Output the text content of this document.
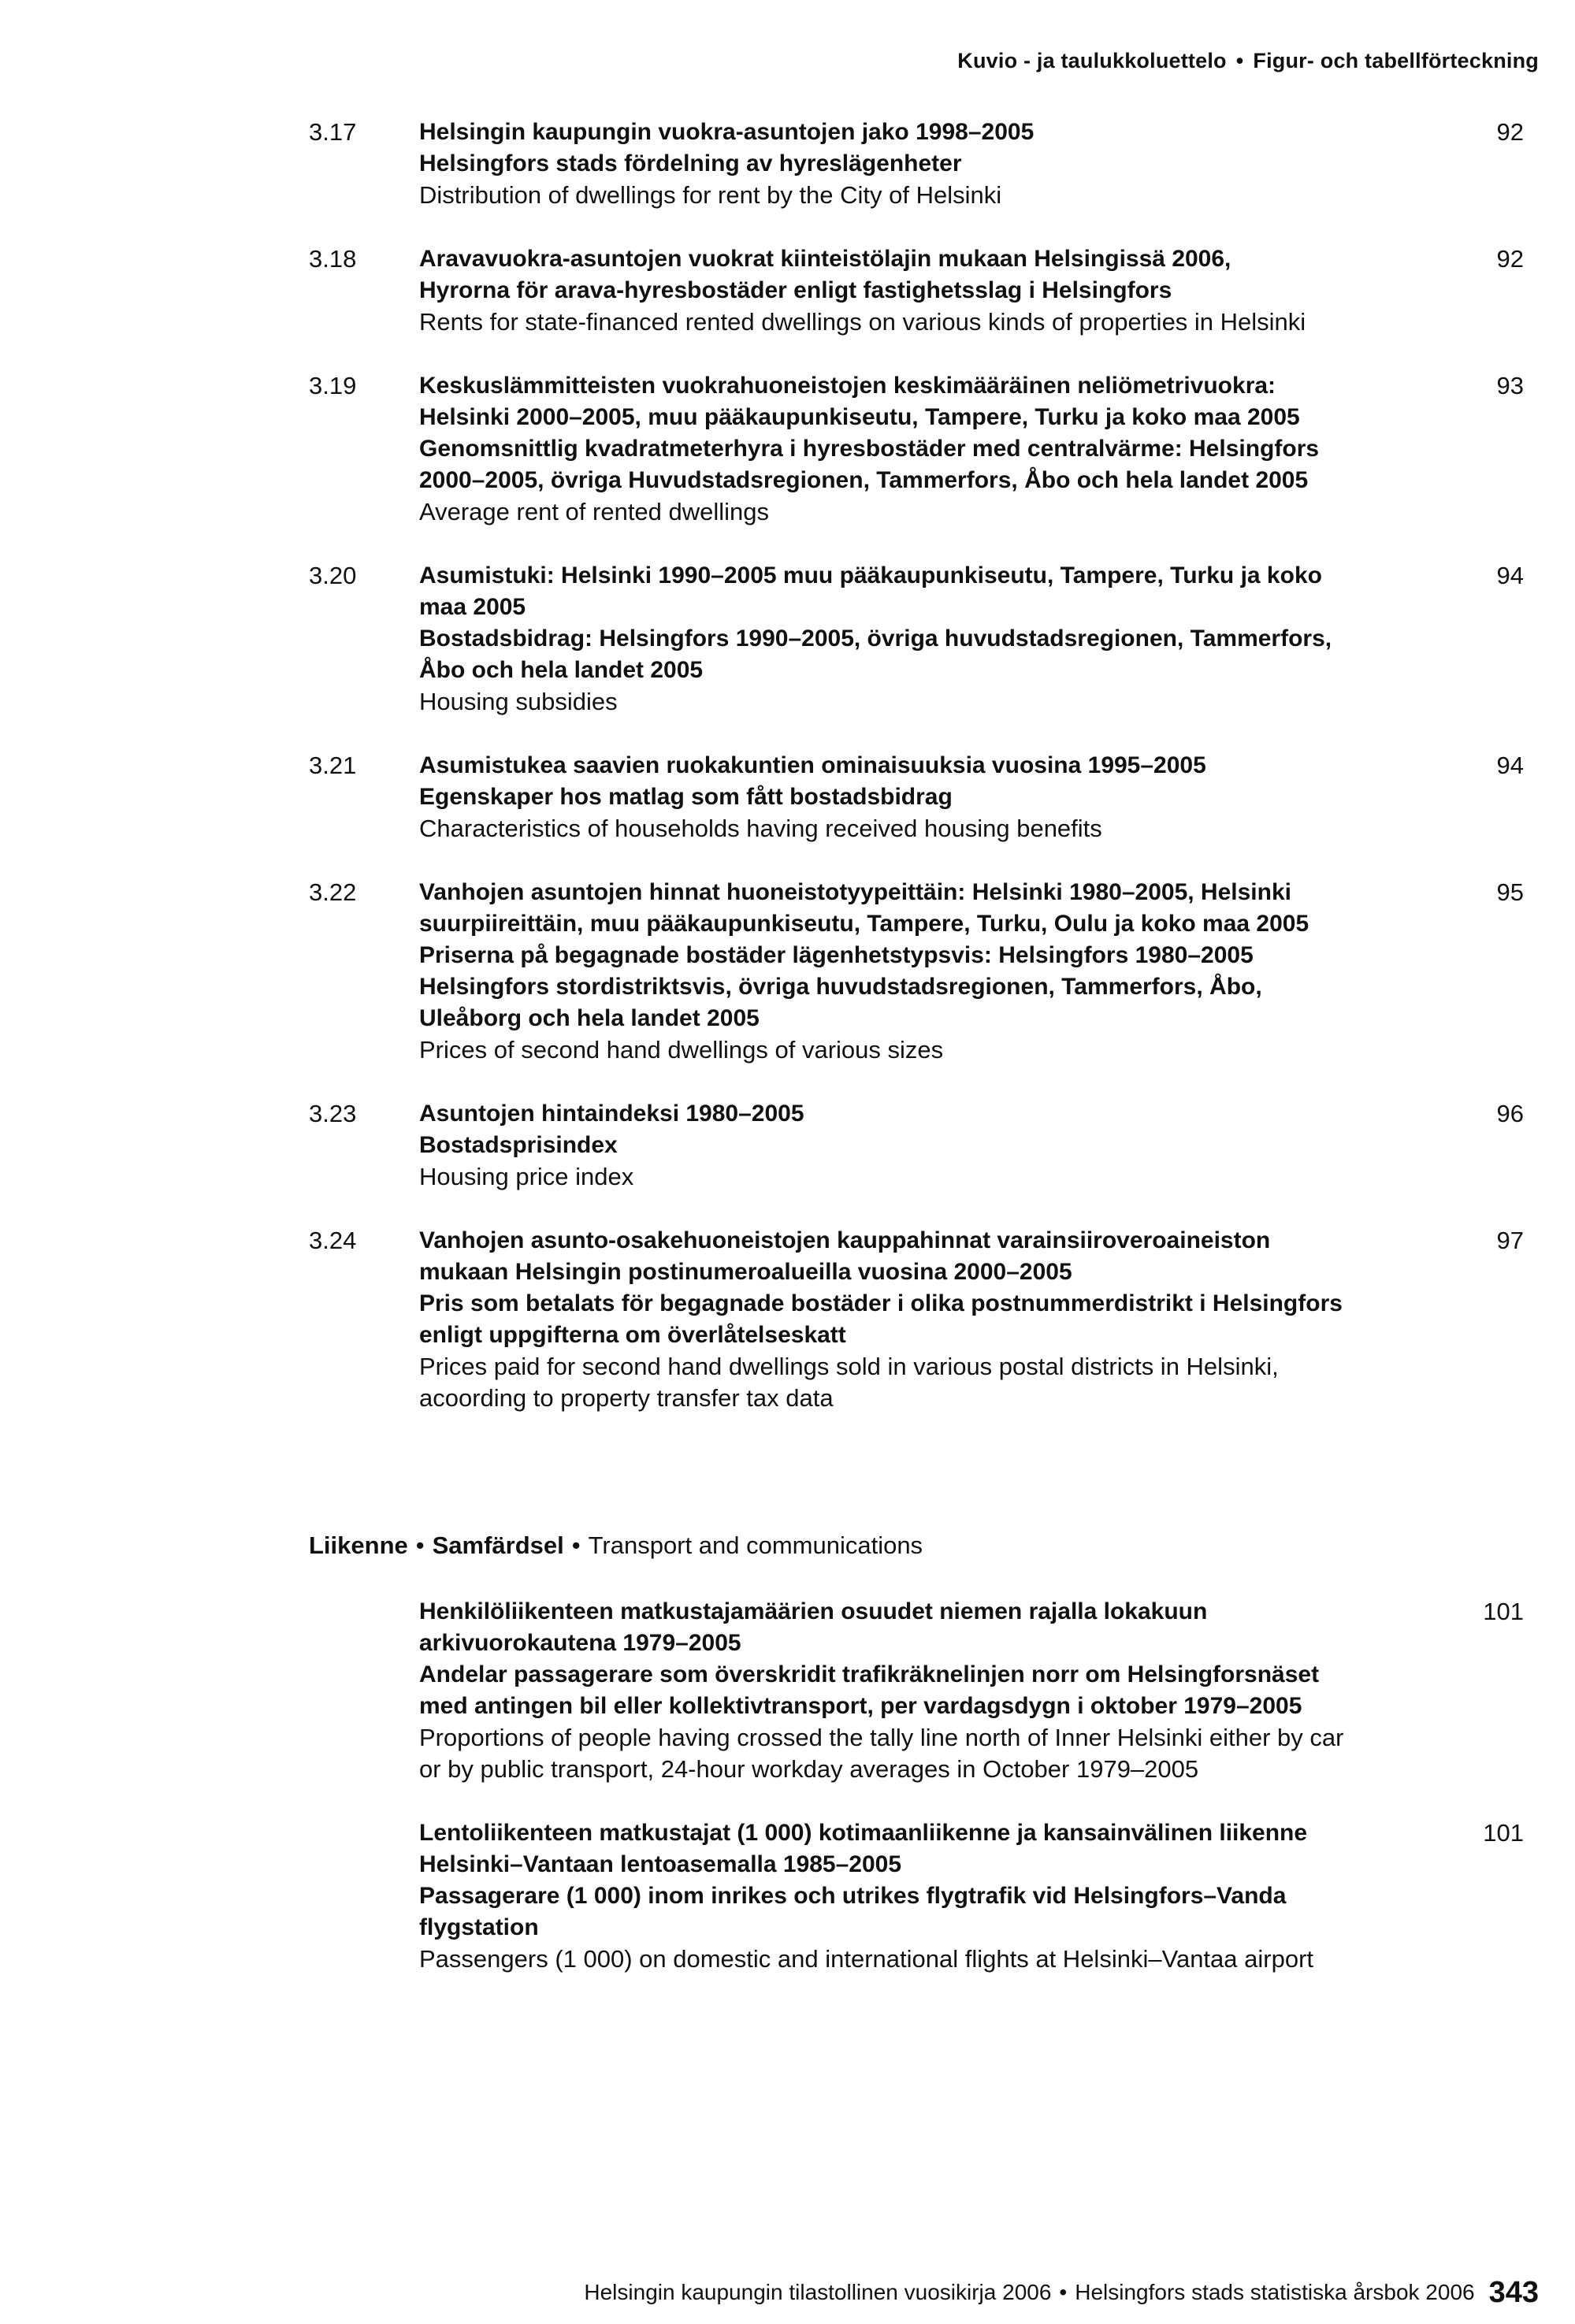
Kuvio - ja taulukkoluettelo • Figur- och tabellförteckning
3.17	Helsingin kaupungin vuokra-asuntojen jako 1998–2005
Helsingfors stads fördelning av hyreslägenheter
Distribution of dwellings for rent by the City of Helsinki
92
3.18	Aravavuokra-asuntojen vuokrat kiinteistölajin mukaan Helsingissä 2006,
Hyrorna för arava-hyresbostäder enligt fastighetsslag i Helsingfors
Rents for state-financed rented dwellings on various kinds of properties in Helsinki
92
3.19	Keskuslämmitteisten vuokrahuoneistojen keskimääräinen neliömetrivuokra: Helsinki 2000–2005, muu pääkaupunkiseutu, Tampere, Turku ja koko maa 2005
Genomsnittlig kvadratmeterhyra i hyresbostäder med centralvärme: Helsingfors 2000–2005, övriga Huvudstadsregionen, Tammerfors, Åbo och hela landet 2005
Average rent of rented dwellings
93
3.20	Asumistuki: Helsinki 1990–2005 muu pääkaupunkiseutu, Tampere, Turku ja koko maa 2005
Bostadsbidrag: Helsingfors 1990–2005, övriga huvudstadsregionen, Tammerfors, Åbo och hela landet 2005
Housing subsidies
94
3.21	Asumistukea saavien ruokakuntien ominaisuuksia vuosina 1995–2005
Egenskaper hos matlag som fått bostadsbidrag
Characteristics of households having received housing benefits
94
3.22	Vanhojen asuntojen hinnat huoneistotyypeittäin: Helsinki 1980–2005, Helsinki suurpiireittäin, muu pääkaupunkiseutu, Tampere, Turku, Oulu ja koko maa 2005
Priserna på begagnade bostäder lägenhetstypsvis: Helsingfors 1980–2005 Helsingfors stordistriktsvis, övriga huvudstadsregionen, Tammerfors, Åbo, Uleåborg och hela landet 2005
Prices of second hand dwellings of various sizes
95
3.23	Asuntojen hintaindeksi 1980–2005
Bostadsprisindex
Housing price index
96
3.24	Vanhojen asunto-osakehuoneistojen kauppahinnat varainsiiroveroaineiston mukaan Helsingin postinumeroalueilla vuosina 2000–2005
Pris som betalats för begagnade bostäder i olika postnummerdistrikt i Helsingfors enligt uppgifterna om överlåtelseskatt
Prices paid for second hand dwellings sold in various postal districts in Helsinki, acoording to property transfer tax data
97
Liikenne • Samfärdsel • Transport and communications
Henkilöliikenteen matkustajamäärien osuudet niemen rajalla lokakuun arkivuorokautena 1979–2005
Andelar passagerare som överskridit trafikräknelinjen norr om Helsingforsnäset med antingen bil eller kollektivtransport, per vardagsdygn i oktober 1979–2005
Proportions of people having crossed the tally line north of Inner Helsinki either by car or by public transport, 24-hour workday averages in October 1979–2005
101
Lentoliikenteen matkustajat (1 000) kotimaanliikenne ja kansainvälinen liikenne Helsinki–Vantaan lentoasemalla 1985–2005
Passagerare (1 000) inom inrikes och utrikes flygtrafik vid Helsingfors–Vanda flygstation
Passengers (1 000) on domestic and international flights at Helsinki–Vantaa airport
101
Helsingin kaupungin tilastollinen vuosikirja 2006 • Helsingfors stads statistiska årsbok 2006 343
